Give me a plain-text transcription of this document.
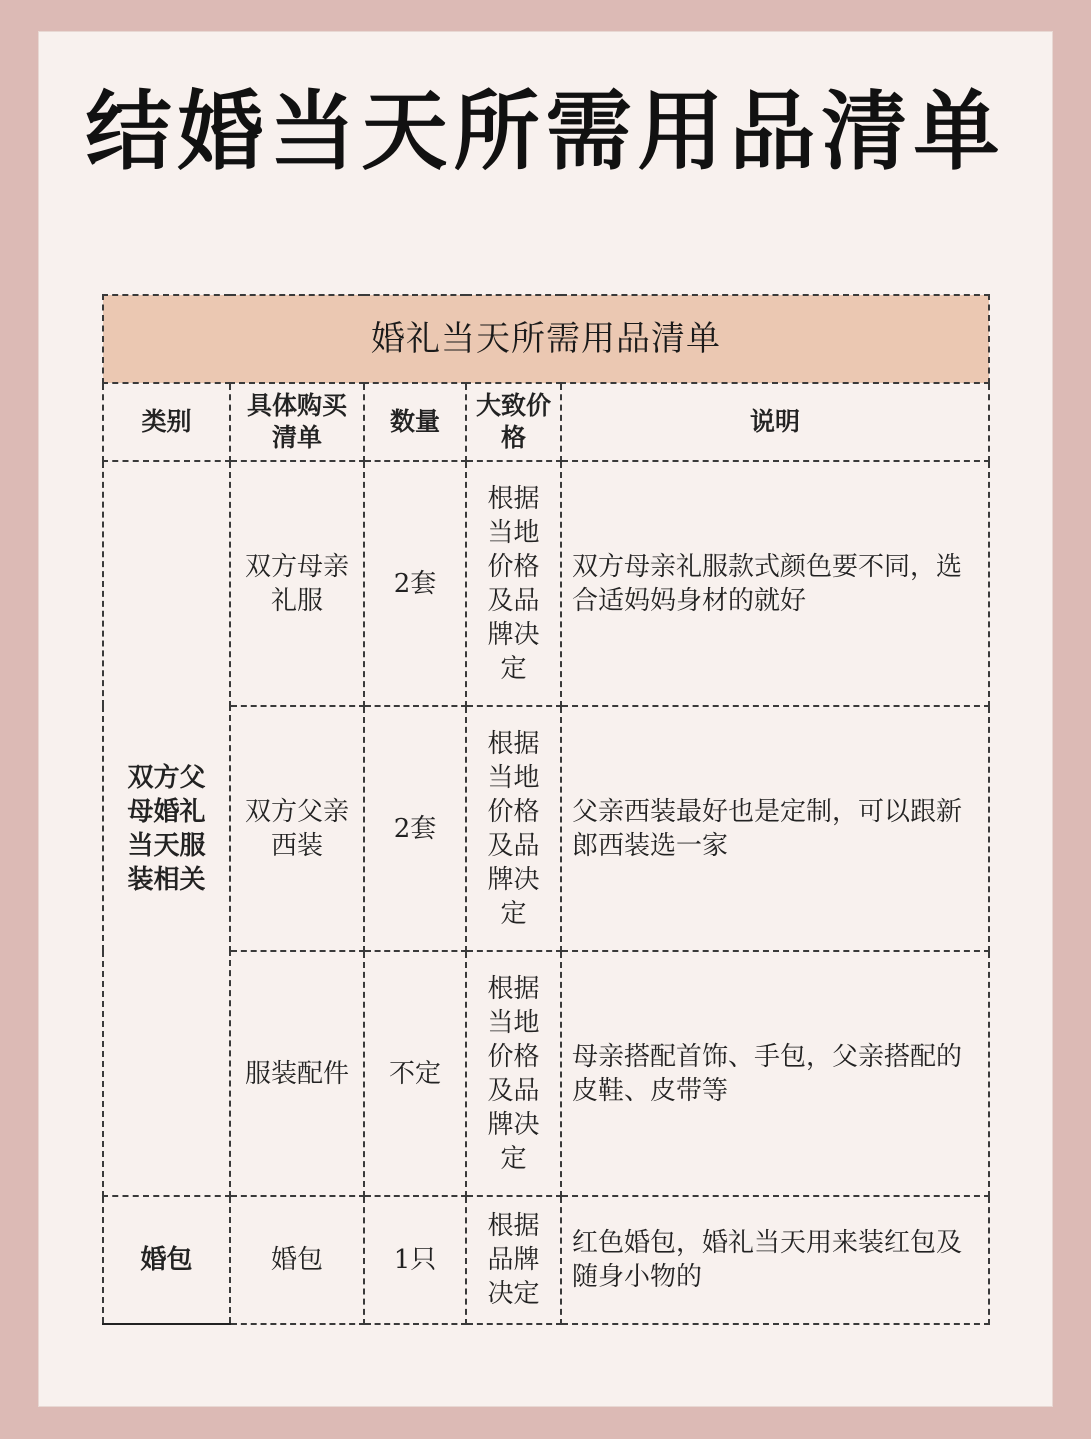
结婚当天所需用品清单
婚礼当天所需用品清单				
类别	具体购买清单	数量	大致价格	说明
双方父母婚礼当天服装相关	双方母亲礼服	2套	根据当地价格及品牌决定	双方母亲礼服款式颜色要不同，选合适妈妈身材的就好
	双方父亲西装	2套	根据当地价格及品牌决定	父亲西装最好也是定制，可以跟新郎西装选一家
	服装配件	不定	根据当地价格及品牌决定	母亲搭配首饰、手包，父亲搭配的皮鞋、皮带等
婚包	婚包	1只	根据品牌决定	红色婚包，婚礼当天用来装红包及随身小物的
